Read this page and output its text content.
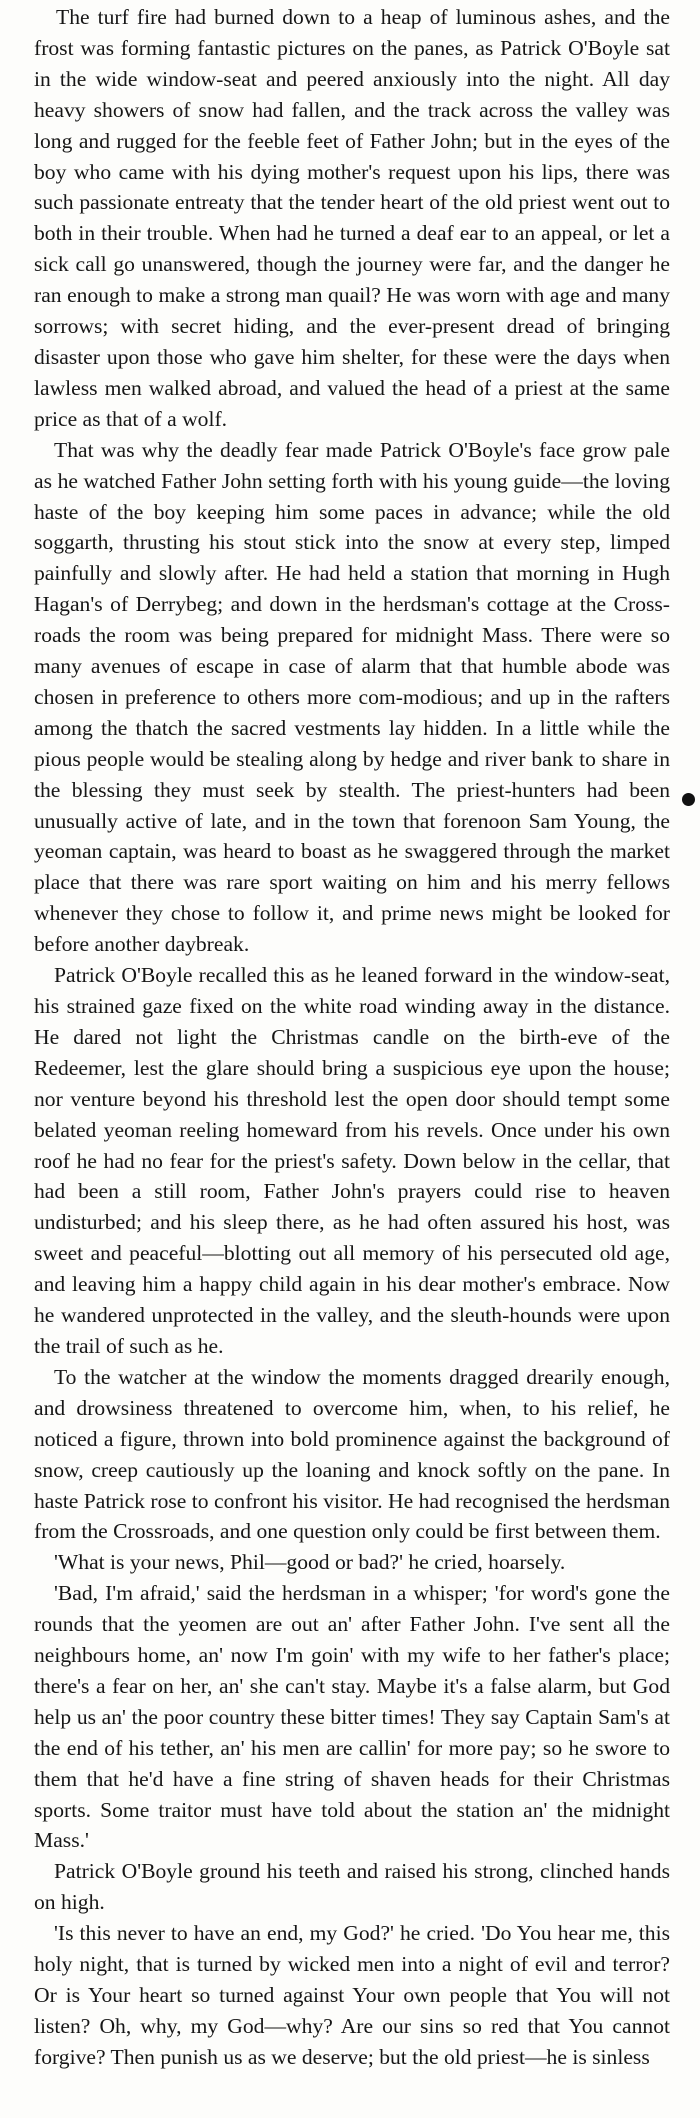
The turf fire had burned down to a heap of luminous ashes, and the frost was forming fantastic pictures on the panes, as Patrick O'Boyle sat in the wide window-seat and peered anxiously into the night. All day heavy showers of snow had fallen, and the track across the valley was long and rugged for the feeble feet of Father John; but in the eyes of the boy who came with his dying mother's request upon his lips, there was such passionate entreaty that the tender heart of the old priest went out to both in their trouble. When had he turned a deaf ear to an appeal, or let a sick call go unanswered, though the journey were far, and the danger he ran enough to make a strong man quail? He was worn with age and many sorrows; with secret hiding, and the ever-present dread of bringing disaster upon those who gave him shelter, for these were the days when lawless men walked abroad, and valued the head of a priest at the same price as that of a wolf.

That was why the deadly fear made Patrick O'Boyle's face grow pale as he watched Father John setting forth with his young guide—the loving haste of the boy keeping him some paces in advance; while the old soggarth, thrusting his stout stick into the snow at every step, limped painfully and slowly after. He had held a station that morning in Hugh Hagan's of Derrybeg; and down in the herdsman's cottage at the Cross-roads the room was being prepared for midnight Mass. There were so many avenues of escape in case of alarm that that humble abode was chosen in preference to others more com-modious; and up in the rafters among the thatch the sacred vestments lay hidden. In a little while the pious people would be stealing along by hedge and river bank to share in the blessing they must seek by stealth. The priest-hunters had been unusually active of late, and in the town that forenoon Sam Young, the yeoman captain, was heard to boast as he swaggered through the market place that there was rare sport waiting on him and his merry fellows whenever they chose to follow it, and prime news might be looked for before another daybreak.

Patrick O'Boyle recalled this as he leaned forward in the window-seat, his strained gaze fixed on the white road winding away in the distance. He dared not light the Christmas candle on the birth-eve of the Redeemer, lest the glare should bring a suspicious eye upon the house; nor venture beyond his threshold lest the open door should tempt some belated yeoman reeling homeward from his revels. Once under his own roof he had no fear for the priest's safety. Down below in the cellar, that had been a still room, Father John's prayers could rise to heaven undisturbed; and his sleep there, as he had often assured his host, was sweet and peaceful—blotting out all memory of his persecuted old age, and leaving him a happy child again in his dear mother's embrace. Now he wandered unprotected in the valley, and the sleuth-hounds were upon the trail of such as he.

To the watcher at the window the moments dragged drearily enough, and drowsiness threatened to overcome him, when, to his relief, he noticed a figure, thrown into bold prominence against the background of snow, creep cautiously up the loaning and knock softly on the pane. In haste Patrick rose to confront his visitor. He had recognised the herdsman from the Crossroads, and one question only could be first between them.

'What is your news, Phil—good or bad?' he cried, hoarsely.

'Bad, I'm afraid,' said the herdsman in a whisper; 'for word's gone the rounds that the yeomen are out an' after Father John. I've sent all the neighbours home, an' now I'm goin' with my wife to her father's place; there's a fear on her, an' she can't stay. Maybe it's a false alarm, but God help us an' the poor country these bitter times! They say Captain Sam's at the end of his tether, an' his men are callin' for more pay; so he swore to them that he'd have a fine string of shaven heads for their Christmas sports. Some traitor must have told about the station an' the midnight Mass.'

Patrick O'Boyle ground his teeth and raised his strong, clinched hands on high.

'Is this never to have an end, my God?' he cried. 'Do You hear me, this holy night, that is turned by wicked men into a night of evil and terror? Or is Your heart so turned against Your own people that You will not listen? Oh, why, my God—why? Are our sins so red that You cannot forgive? Then punish us as we deserve; but the old priest—he is sinless
